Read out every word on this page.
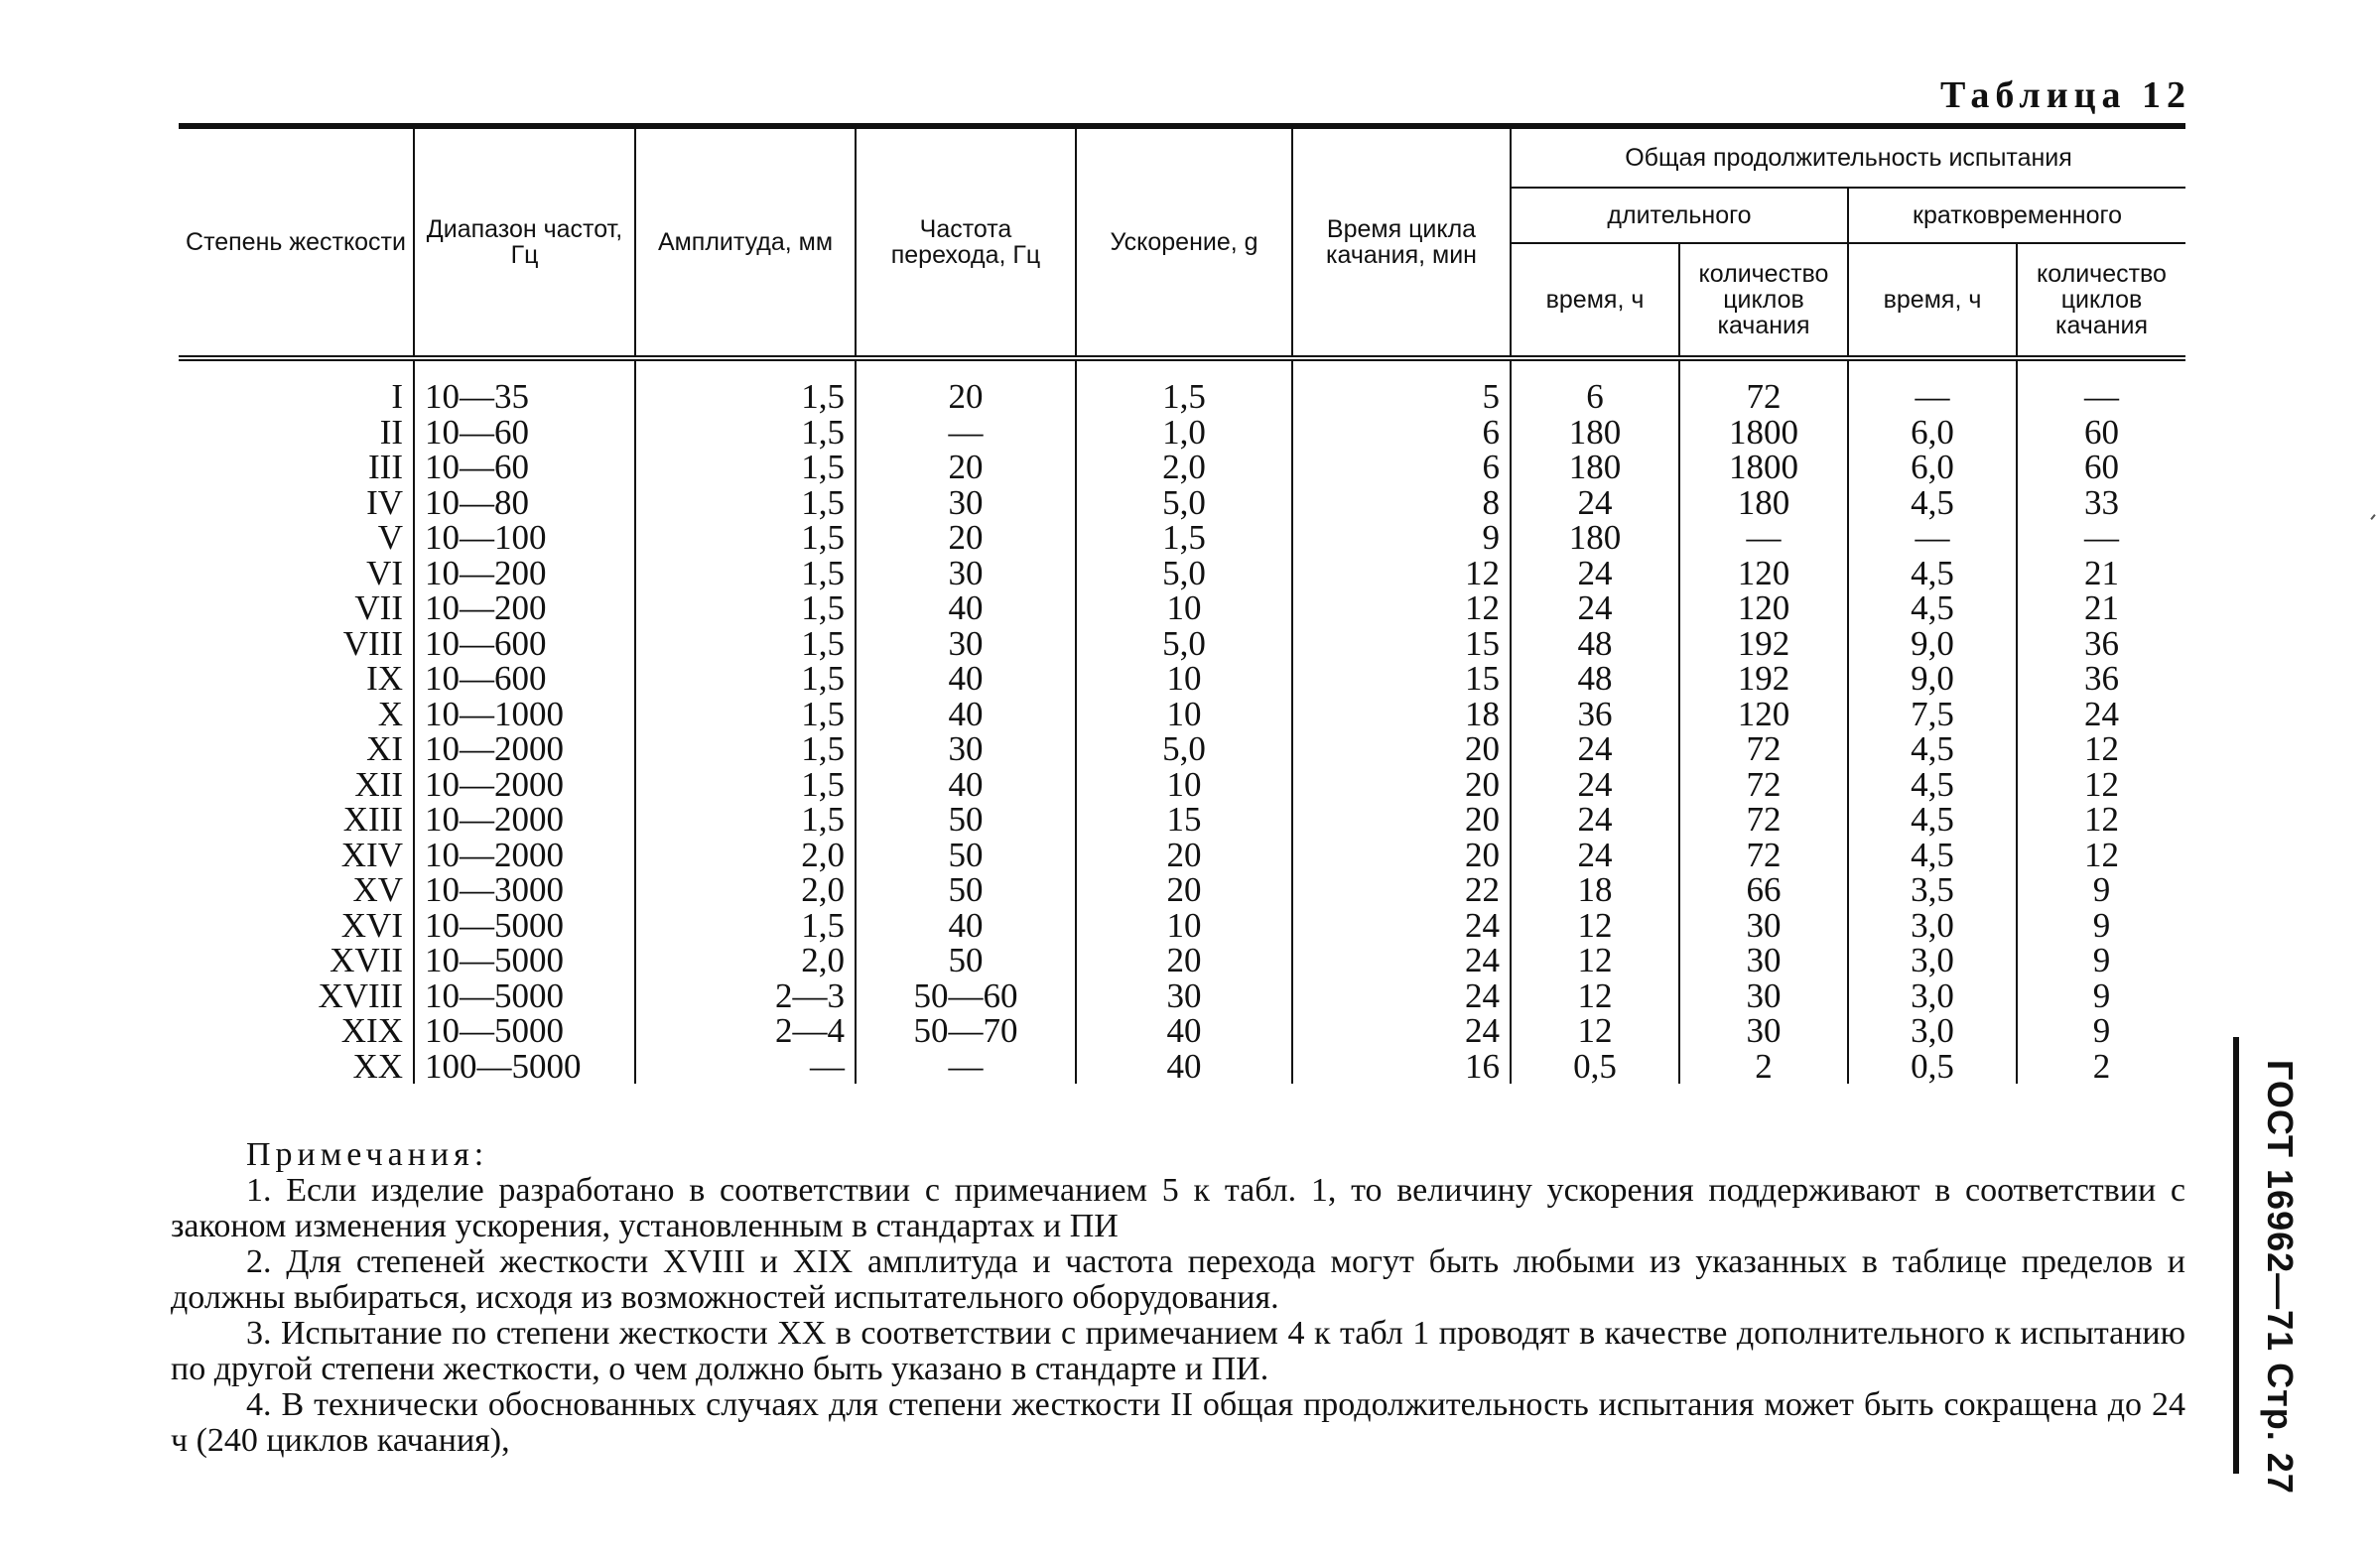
Таблица 12
Степень жесткости	Диапазон частот, Гц	Амплитуда, мм	Частота перехода, Гц	Ускорение, g	Время цикла качания, мин	Общая продолжительность испытания			
						длительного		кратковременного	
						время, ч	количество циклов качания	время, ч	количество циклов качания

I	10—35	1,5	20	1,5	5	6	72	—	—
II	10—60	1,5	—	1,0	6	180	1800	6,0	60
III	10—60	1,5	20	2,0	6	180	1800	6,0	60
IV	10—80	1,5	30	5,0	8	24	180	4,5	33
V	10—100	1,5	20	1,5	9	180	—	—	—
VI	10—200	1,5	30	5,0	12	24	120	4,5	21
VII	10—200	1,5	40	10	12	24	120	4,5	21
VIII	10—600	1,5	30	5,0	15	48	192	9,0	36
IX	10—600	1,5	40	10	15	48	192	9,0	36
X	10—1000	1,5	40	10	18	36	120	7,5	24
XI	10—2000	1,5	30	5,0	20	24	72	4,5	12
XII	10—2000	1,5	40	10	20	24	72	4,5	12
XIII	10—2000	1,5	50	15	20	24	72	4,5	12
XIV	10—2000	2,0	50	20	20	24	72	4,5	12
XV	10—3000	2,0	50	20	22	18	66	3,5	9
XVI	10—5000	1,5	40	10	24	12	30	3,0	9
XVII	10—5000	2,0	50	20	24	12	30	3,0	9
XVIII	10—5000	2—3	50—60	30	24	12	30	3,0	9
XIX	10—5000	2—4	50—70	40	24	12	30	3,0	9
XX	100—5000	—	—	40	16	0,5	2	0,5	2
Примечания:

1. Если изделие разработано в соответствии с примечанием 5 к табл. 1, то величину ускорения поддерживают в соответствии с законом изменения ускорения, установленным в стандартах и ПИ

2. Для степеней жесткости XVIII и XIX амплитуда и частота перехода могут быть любыми из указанных в таблице пределов и должны выбираться, исходя из возможностей испытательного оборудования.

3. Испытание по степени жесткости XX в соответствии с примечанием 4 к табл 1 проводят в качестве дополнительного к испытанию по другой степени жесткости, о чем должно быть указано в стандарте и ПИ.

4. В технически обоснованных случаях для степени жесткости II общая продолжительность испытания может быть сокращена до 24 ч (240 циклов качания),	ГОСТ 16962—71 Стр. 27
